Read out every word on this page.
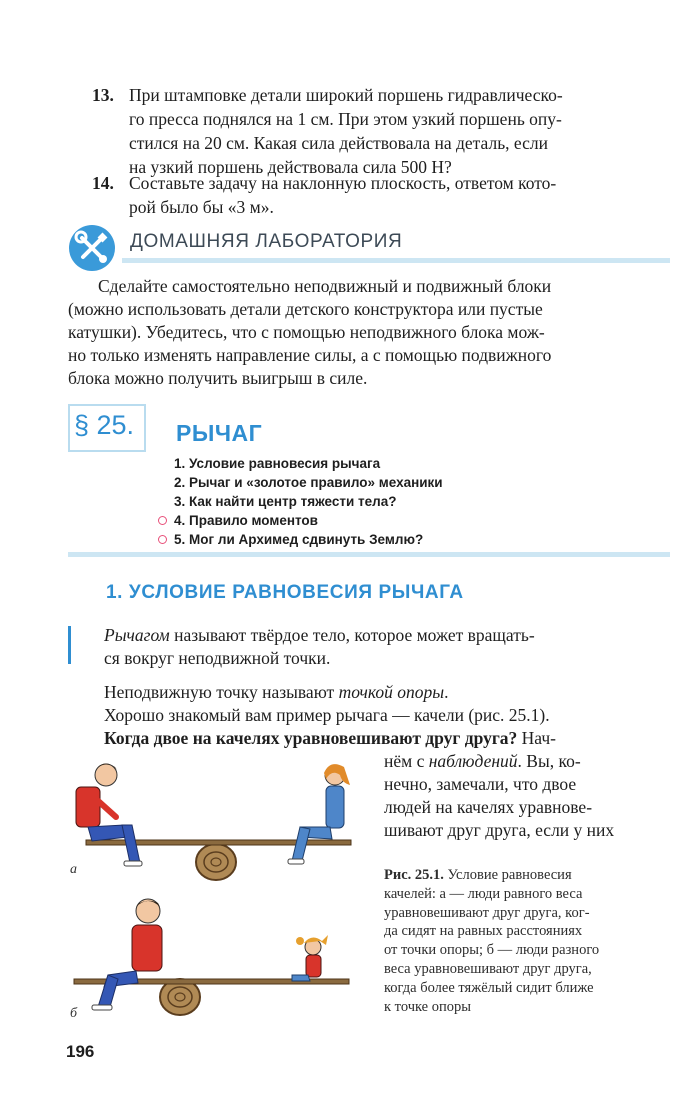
13. При штамповке детали широкий поршень гидравлическо-
го пресса поднялся на 1 см. При этом узкий поршень опу-
стился на 20 см. Какая сила действовала на деталь, если
на узкий поршень действовала сила 500 Н?
14. Составьте задачу на наклонную плоскость, ответом кото-
рой было бы «3 м».
ДОМАШНЯЯ ЛАБОРАТОРИЯ
Сделайте самостоятельно неподвижный и подвижный блоки
(можно использовать детали детского конструктора или пустые
катушки). Убедитесь, что с помощью неподвижного блока мож-
но только изменять направление силы, а с помощью подвижного
блока можно получить выигрыш в силе.
§ 25. РЫЧАГ
1. Условие равновесия рычага
2. Рычаг и «золотое правило» механики
3. Как найти центр тяжести тела?
4. Правило моментов
5. Мог ли Архимед сдвинуть Землю?
1. УСЛОВИЕ РАВНОВЕСИЯ РЫЧАГА
Рычагом называют твёрдое тело, которое может вращать-
ся вокруг неподвижной точки.
Неподвижную точку называют точкой опоры.
Хорошо знакомый вам пример рычага — качели (рис. 25.1).
Когда двое на качелях уравновешивают друг друга? Нач-
нём с наблюдений. Вы, ко-
нечно, замечали, что двое
людей на качелях уравнове-
шивают друг друга, если у них
а
б
Рис. 25.1. Условие равновесия
качелей: а — люди равного веса
уравновешивают друг друга, ког-
да сидят на равных расстояниях
от точки опоры; б — люди разного
веса уравновешивают друг друга,
когда более тяжёлый сидит ближе
к точке опоры
196
